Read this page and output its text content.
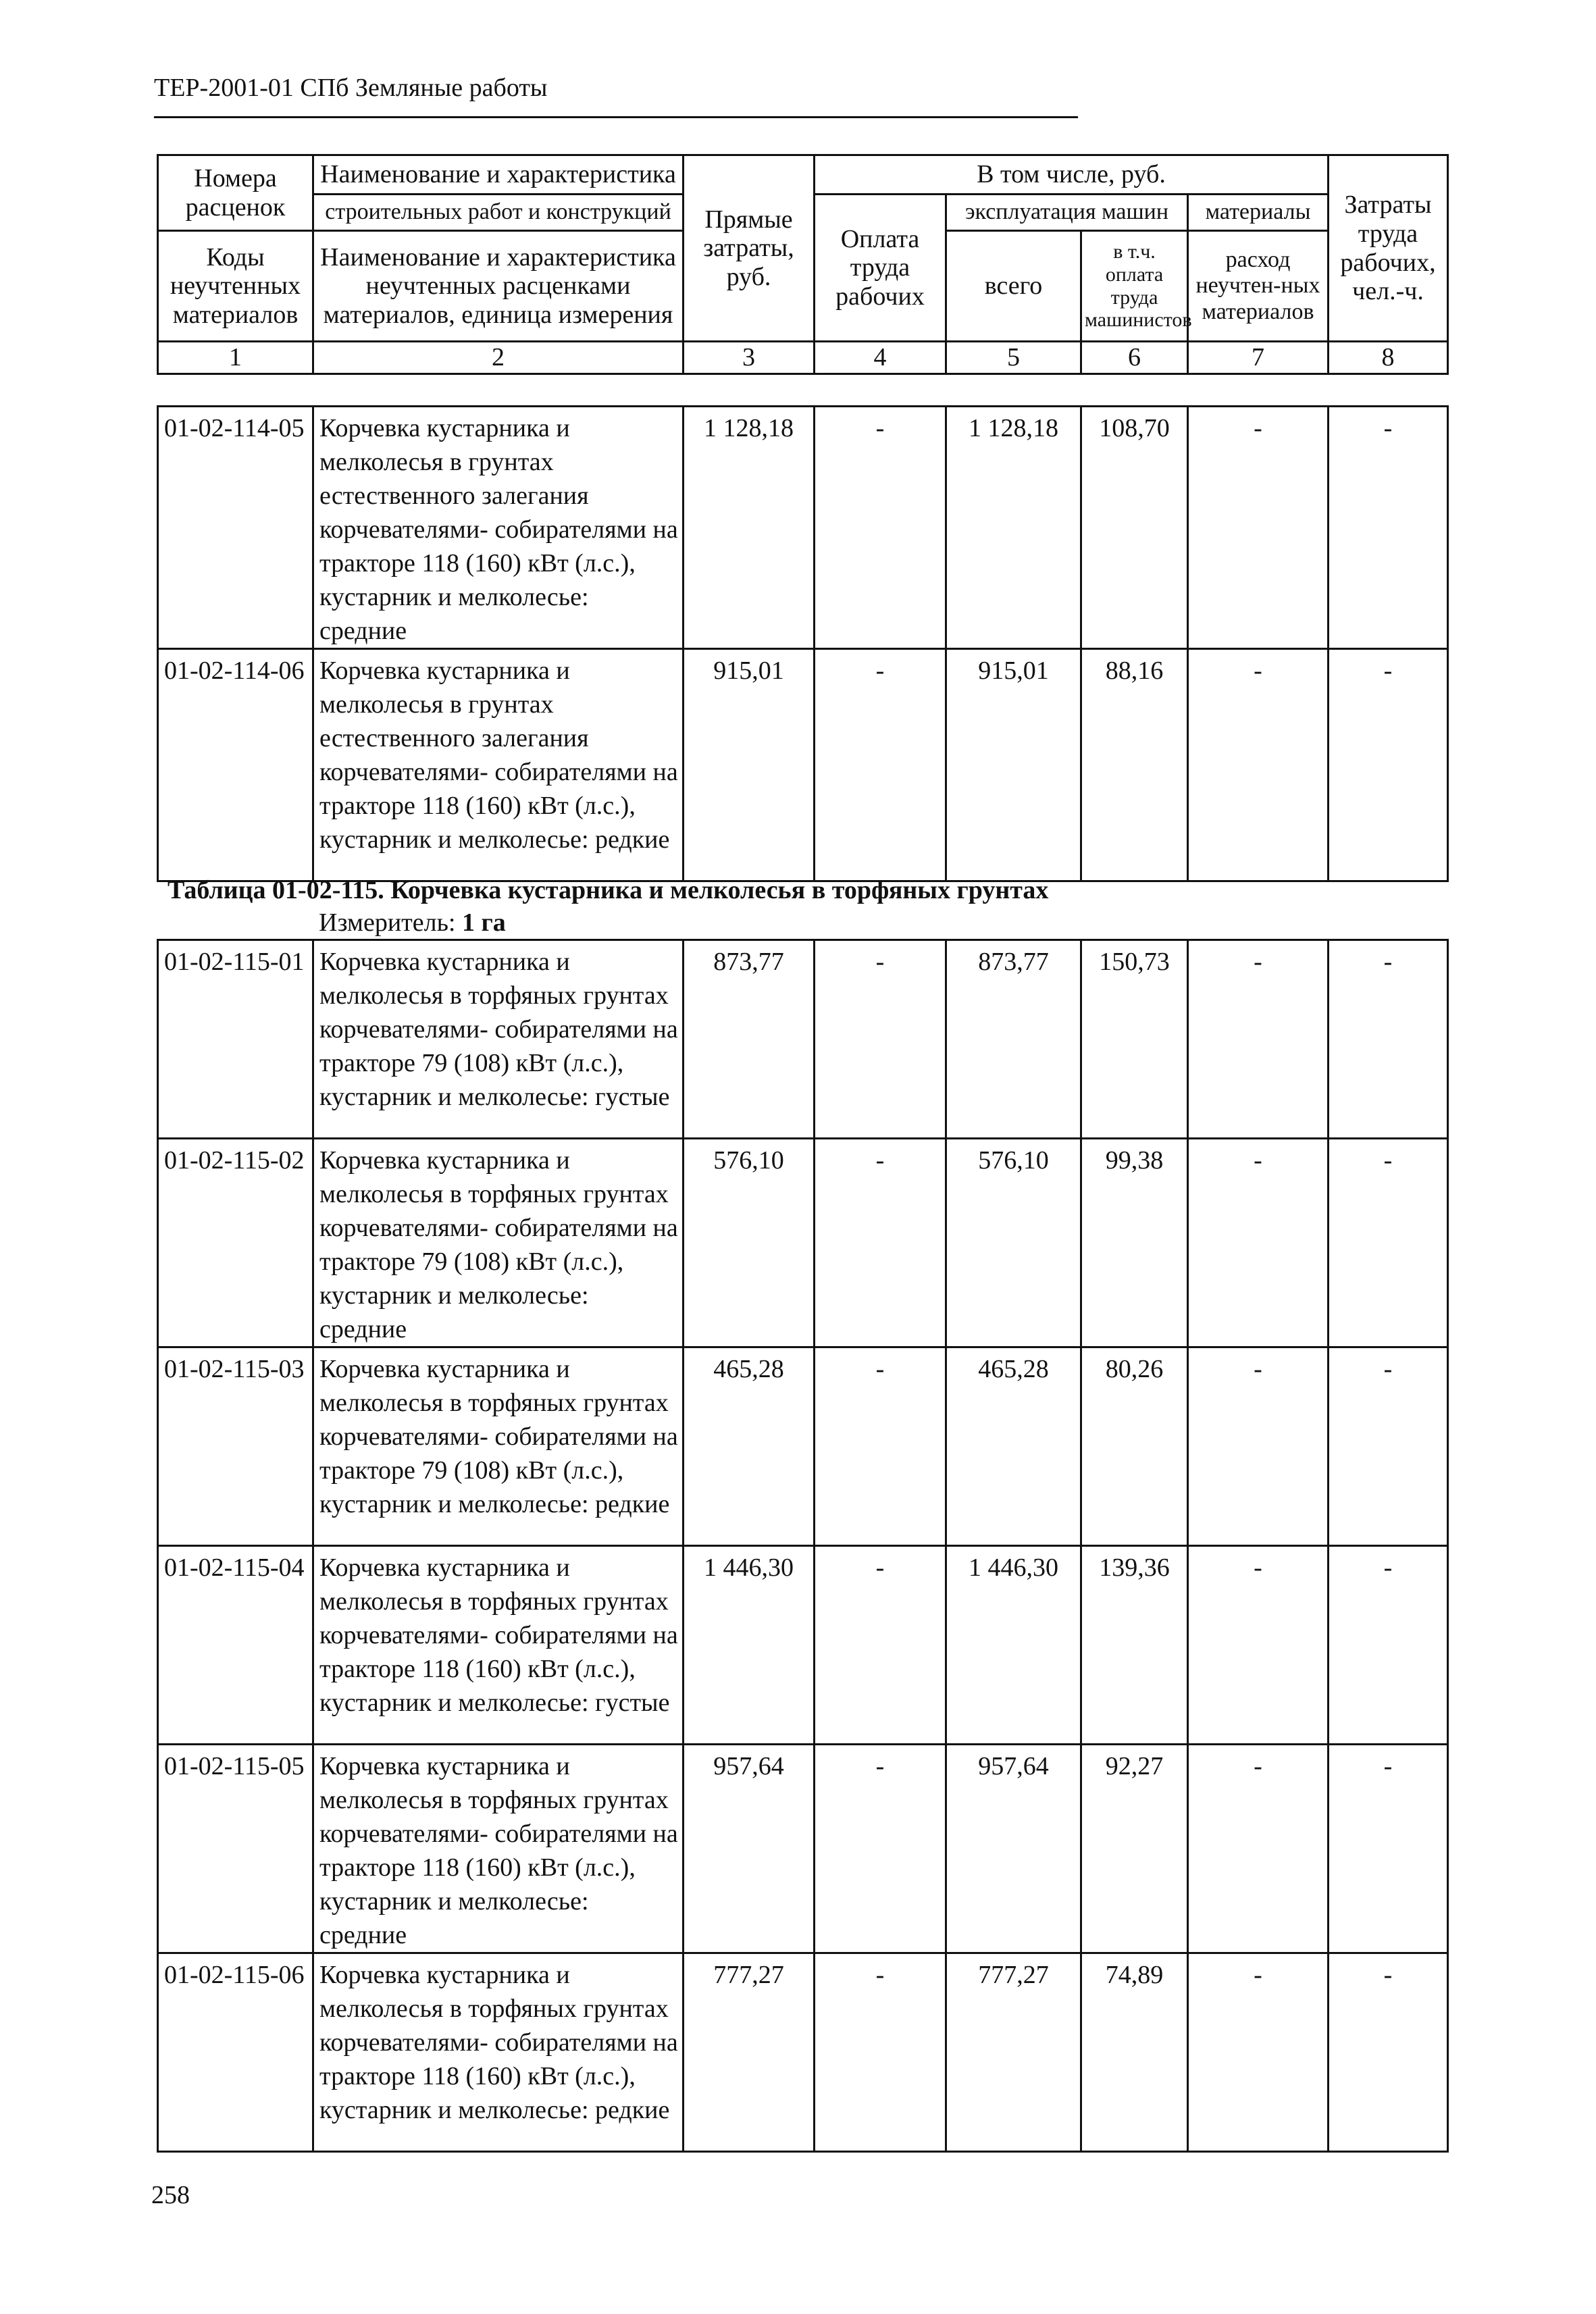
ТЕР-2001-01 СПб Земляные работы
Номера расценок	Наименование и характеристика	Прямые затраты, руб.	В том числе, руб.				Затраты труда рабочих, чел.-ч.
	строительных работ и конструкций		Оплата труда рабочих	эксплуатация машин		материалы	
Коды неучтенных материалов	Наименование и характеристика неучтенных расценками материалов, единица измерения			всего	в т.ч. оплата труда машинистов	расход неучтен-ных материалов	

1	2	3	4	5	6	7	8
01-02-114-05	Корчевка кустарника и мелколесья в грунтах естественного залегания корчевателями- собирателями на тракторе 118 (160) кВт (л.с.), кустарник и мелколесье: средние	1 128,18	-	1 128,18	108,70	-	-
01-02-114-06	Корчевка кустарника и мелколесья в грунтах естественного залегания корчевателями- собирателями на тракторе 118 (160) кВт (л.с.), кустарник и мелколесье: редкие	915,01	-	915,01	88,16	-	-
Таблица 01-02-115. Корчевка кустарника и мелколесья в торфяных грунтах
Измеритель: 1 га
01-02-115-01	Корчевка кустарника и мелколесья в торфяных грунтах корчевателями- собирателями на тракторе 79 (108) кВт (л.с.), кустарник и мелколесье: густые	873,77	-	873,77	150,73	-	-
01-02-115-02	Корчевка кустарника и мелколесья в торфяных грунтах корчевателями- собирателями на тракторе 79 (108) кВт (л.с.), кустарник и мелколесье: средние	576,10	-	576,10	99,38	-	-
01-02-115-03	Корчевка кустарника и мелколесья в торфяных грунтах корчевателями- собирателями на тракторе 79 (108) кВт (л.с.), кустарник и мелколесье: редкие	465,28	-	465,28	80,26	-	-
01-02-115-04	Корчевка кустарника и мелколесья в торфяных грунтах корчевателями- собирателями на тракторе 118 (160) кВт (л.с.), кустарник и мелколесье: густые	1 446,30	-	1 446,30	139,36	-	-
01-02-115-05	Корчевка кустарника и мелколесья в торфяных грунтах корчевателями- собирателями на тракторе 118 (160) кВт (л.с.), кустарник и мелколесье: средние	957,64	-	957,64	92,27	-	-
01-02-115-06	Корчевка кустарника и мелколесья в торфяных грунтах корчевателями- собирателями на тракторе 118 (160) кВт (л.с.), кустарник и мелколесье: редкие	777,27	-	777,27	74,89	-	-
258
